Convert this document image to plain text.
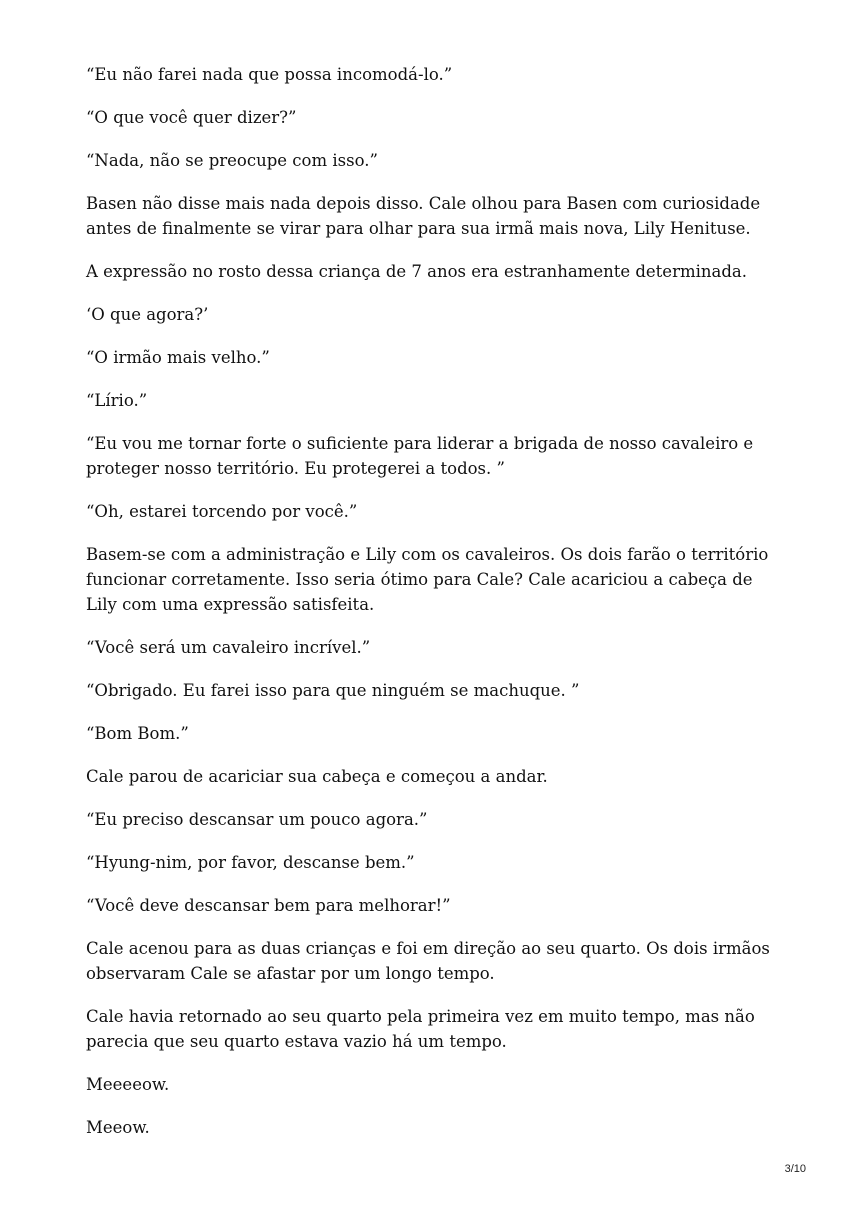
“Eu não farei nada que possa incomodá-lo.”

“O que você quer dizer?”

“Nada, não se preocupe com isso.”

Basen não disse mais nada depois disso. Cale olhou para Basen com curiosidade antes de finalmente se virar para olhar para sua irmã mais nova, Lily Henituse.

A expressão no rosto dessa criança de 7 anos era estranhamente determinada.

‘O que agora?’

“O irmão mais velho.”

“Lírio.”

“Eu vou me tornar forte o suficiente para liderar a brigada de nosso cavaleiro e proteger nosso território. Eu protegerei a todos. ”

“Oh, estarei torcendo por você.”

Basem-se com a administração e Lily com os cavaleiros. Os dois farão o território funcionar corretamente. Isso seria ótimo para Cale? Cale acariciou a cabeça de Lily com uma expressão satisfeita.

“Você será um cavaleiro incrível.”

“Obrigado. Eu farei isso para que ninguém se machuque. ”

“Bom Bom.”

Cale parou de acariciar sua cabeça e começou a andar.

“Eu preciso descansar um pouco agora.”

“Hyung-nim, por favor, descanse bem.”

“Você deve descansar bem para melhorar!”

Cale acenou para as duas crianças e foi em direção ao seu quarto. Os dois irmãos observaram Cale se afastar por um longo tempo.

Cale havia retornado ao seu quarto pela primeira vez em muito tempo, mas não parecia que seu quarto estava vazio há um tempo.

Meeeeow.

Meeow.

3/10
